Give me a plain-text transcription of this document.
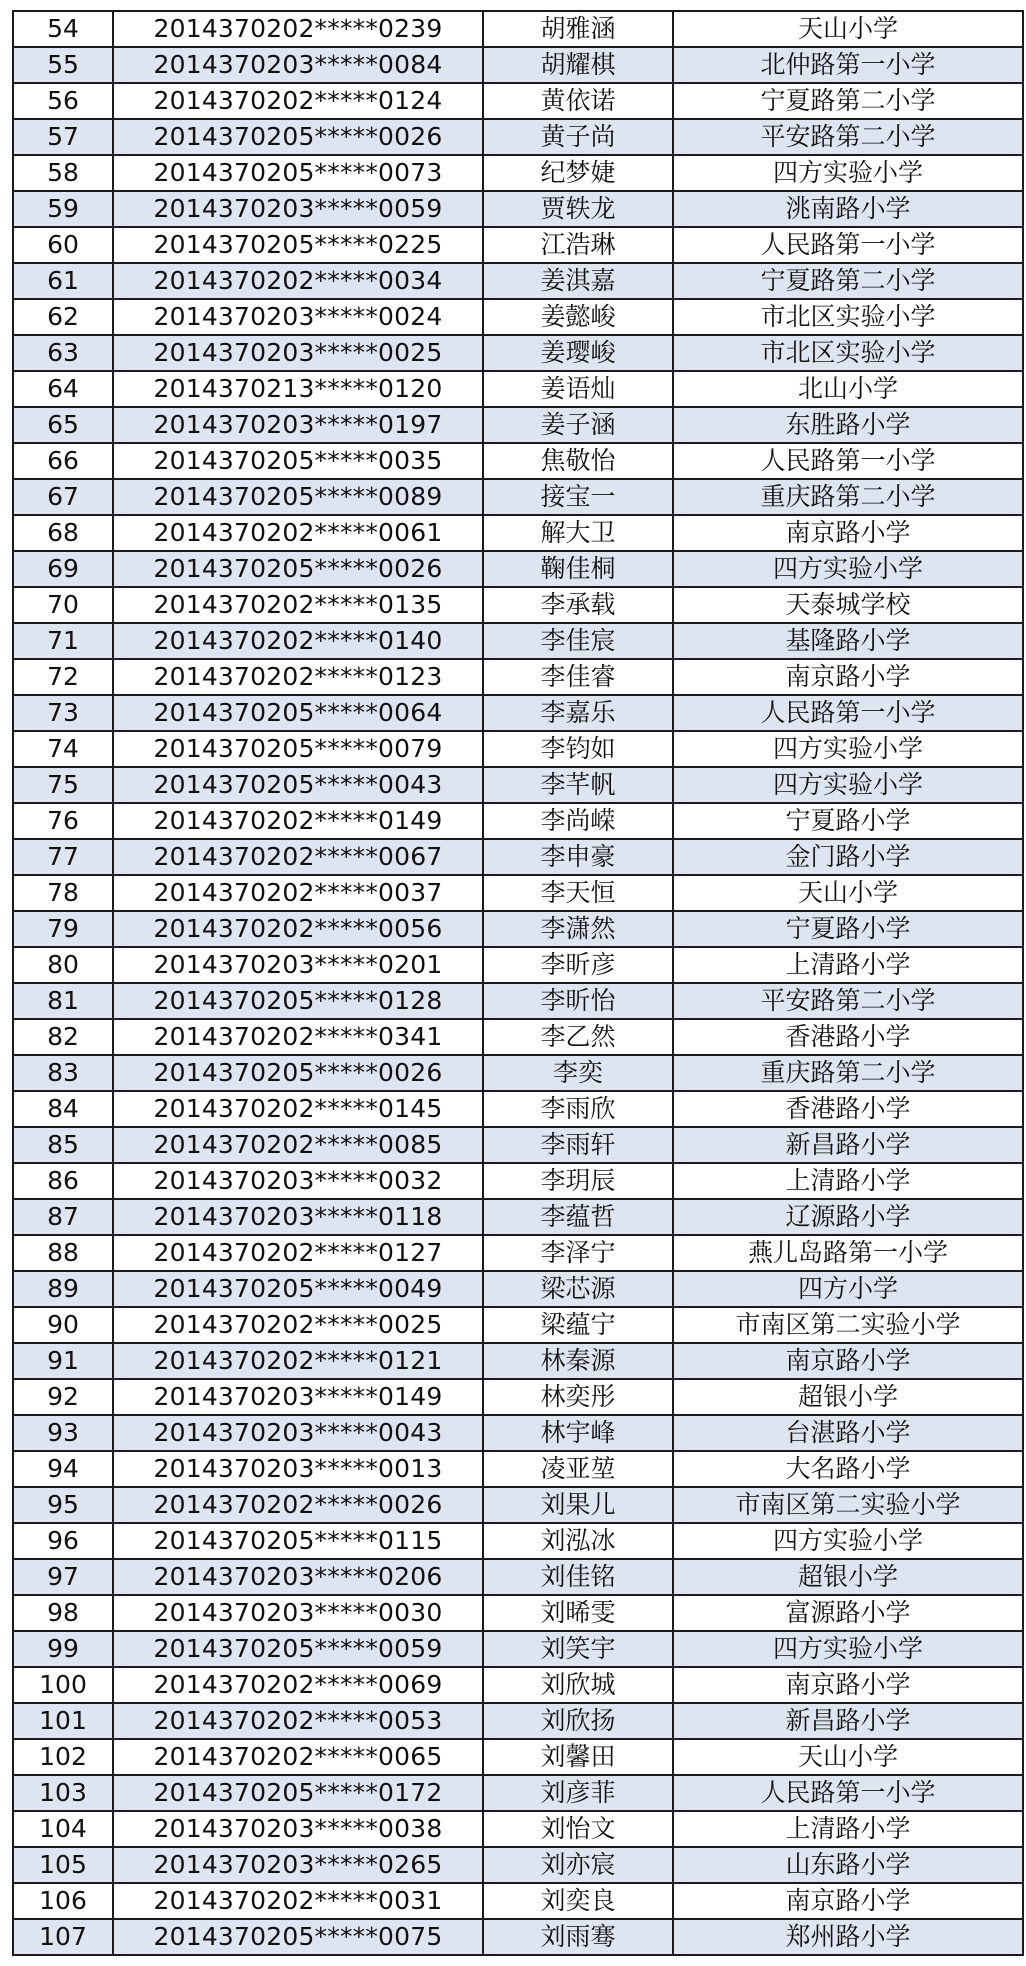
54	2014370202*****0239	胡雅涵	天山小学
55	2014370203*****0084	胡耀棋	北仲路第一小学
56	2014370202*****0124	黄依诺	宁夏路第二小学
57	2014370205*****0026	黄子尚	平安路第二小学
58	2014370205*****0073	纪梦婕	四方实验小学
59	2014370203*****0059	贾轶龙	洮南路小学
60	2014370205*****0225	江浩琳	人民路第一小学
61	2014370202*****0034	姜淇嘉	宁夏路第二小学
62	2014370203*****0024	姜懿峻	市北区实验小学
63	2014370203*****0025	姜璎峻	市北区实验小学
64	2014370213*****0120	姜语灿	北山小学
65	2014370203*****0197	姜子涵	东胜路小学
66	2014370205*****0035	焦敬怡	人民路第一小学
67	2014370205*****0089	接宝一	重庆路第二小学
68	2014370202*****0061	解大卫	南京路小学
69	2014370205*****0026	鞠佳桐	四方实验小学
70	2014370202*****0135	李承载	天泰城学校
71	2014370202*****0140	李佳宸	基隆路小学
72	2014370202*****0123	李佳睿	南京路小学
73	2014370205*****0064	李嘉乐	人民路第一小学
74	2014370205*****0079	李钧如	四方实验小学
75	2014370205*****0043	李芊帆	四方实验小学
76	2014370202*****0149	李尚嵘	宁夏路小学
77	2014370202*****0067	李申豪	金门路小学
78	2014370202*****0037	李天恒	天山小学
79	2014370202*****0056	李潇然	宁夏路小学
80	2014370203*****0201	李昕彦	上清路小学
81	2014370205*****0128	李昕怡	平安路第二小学
82	2014370202*****0341	李乙然	香港路小学
83	2014370205*****0026	李奕	重庆路第二小学
84	2014370202*****0145	李雨欣	香港路小学
85	2014370202*****0085	李雨轩	新昌路小学
86	2014370203*****0032	李玥辰	上清路小学
87	2014370203*****0118	李蕴哲	辽源路小学
88	2014370202*****0127	李泽宁	燕儿岛路第一小学
89	2014370205*****0049	梁芯源	四方小学
90	2014370202*****0025	梁蕴宁	市南区第二实验小学
91	2014370202*****0121	林秦源	南京路小学
92	2014370203*****0149	林奕彤	超银小学
93	2014370203*****0043	林宇峰	台湛路小学
94	2014370203*****0013	凌亚堃	大名路小学
95	2014370202*****0026	刘果儿	市南区第二实验小学
96	2014370205*****0115	刘泓冰	四方实验小学
97	2014370203*****0206	刘佳铭	超银小学
98	2014370203*****0030	刘晞雯	富源路小学
99	2014370205*****0059	刘笑宇	四方实验小学
100	2014370202*****0069	刘欣城	南京路小学
101	2014370202*****0053	刘欣扬	新昌路小学
102	2014370202*****0065	刘馨田	天山小学
103	2014370205*****0172	刘彦菲	人民路第一小学
104	2014370203*****0038	刘怡文	上清路小学
105	2014370203*****0265	刘亦宸	山东路小学
106	2014370202*****0031	刘奕良	南京路小学
107	2014370205*****0075	刘雨骞	郑州路小学
